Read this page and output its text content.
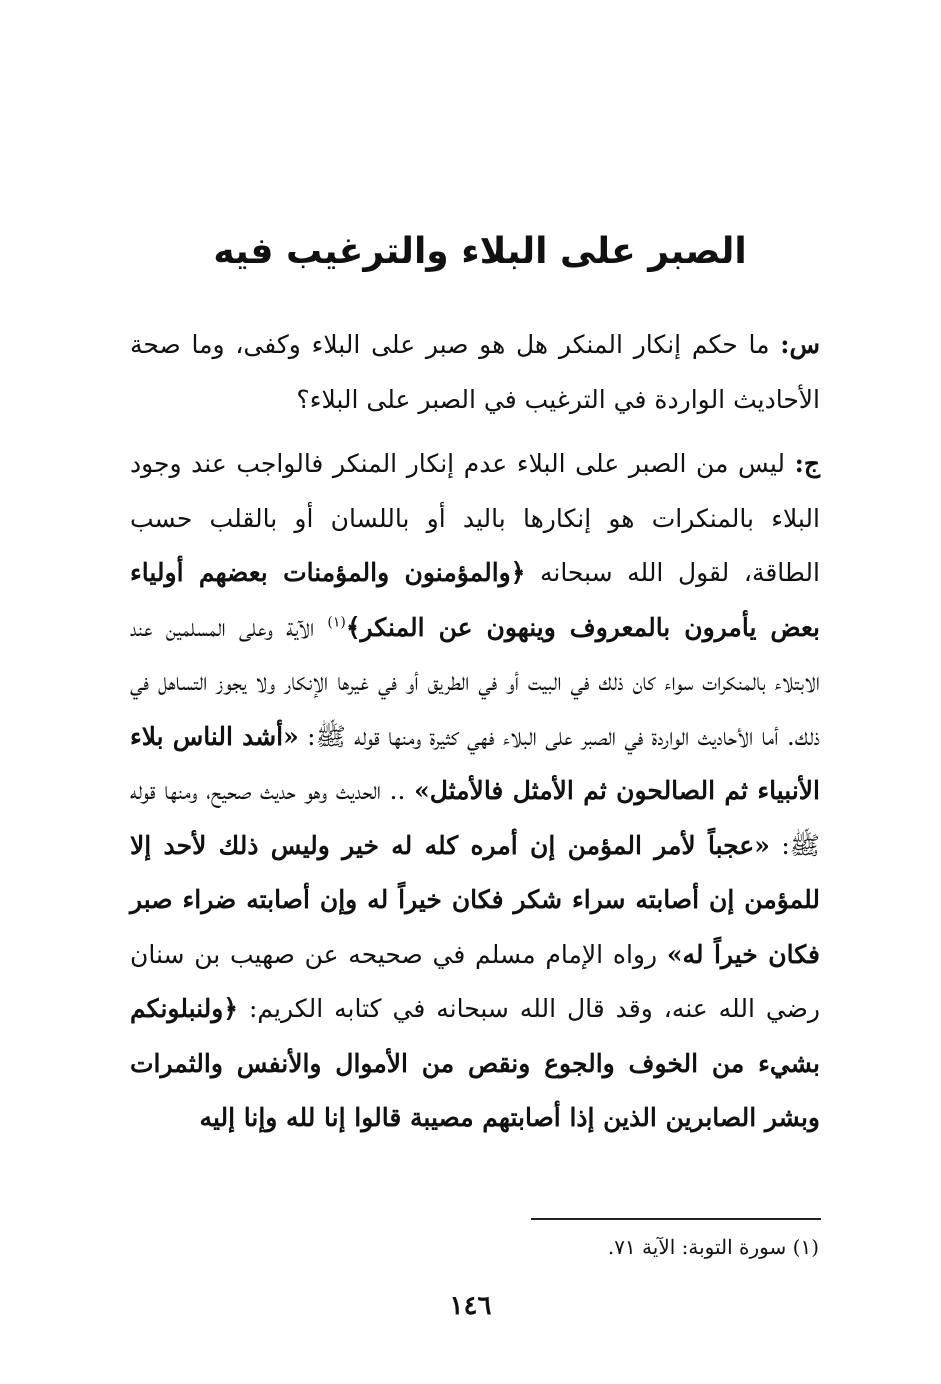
الصبر على البلاء والترغيب فيه

س: ما حكم إنكار المنكر هل هو صبر على البلاء وكفى، وما صحة الأحاديث الواردة في الترغيب في الصبر على البلاء؟

ج: ليس من الصبر على البلاء عدم إنكار المنكر فالواجب عند وجود البلاء بالمنكرات هو إنكارها باليد أو باللسان أو بالقلب حسب الطاقة، لقول الله سبحانه ﴿والمؤمنون والمؤمنات بعضهم أولياء بعض يأمرون بالمعروف وينهون عن المنكر﴾$^{(١)}$ الآية وعلى المسلمين عند الابتلاء بالمنكرات سواء كان ذلك في البيت أو في الطريق أو في غيرها الإنكار ولا يجوز التساهل في ذلك. أما الأحاديث الواردة في الصبر على البلاء فهي كثيرة ومنها قوله ﷺ: «أشد الناس بلاء الأنبياء ثم الصالحون ثم الأمثل فالأمثل» .. الحديث وهو حديث صحيح، ومنها قوله ﷺ: «عجباً لأمر المؤمن إن أمره كله له خير وليس ذلك لأحد إلا للمؤمن إن أصابته سراء شكر فكان خيراً له وإن أصابته ضراء صبر فكان خيراً له» رواه الإمام مسلم في صحيحه عن صهيب بن سنان رضي الله عنه، وقد قال الله سبحانه في كتابه الكريم: ﴿ولنبلونكم بشيء من الخوف والجوع ونقص من الأموال والأنفس والثمرات وبشر الصابرين الذين إذا أصابتهم مصيبة قالوا إنا لله وإنا إليه

(١) سورة التوبة: الآية ٧١.

١٤٦
